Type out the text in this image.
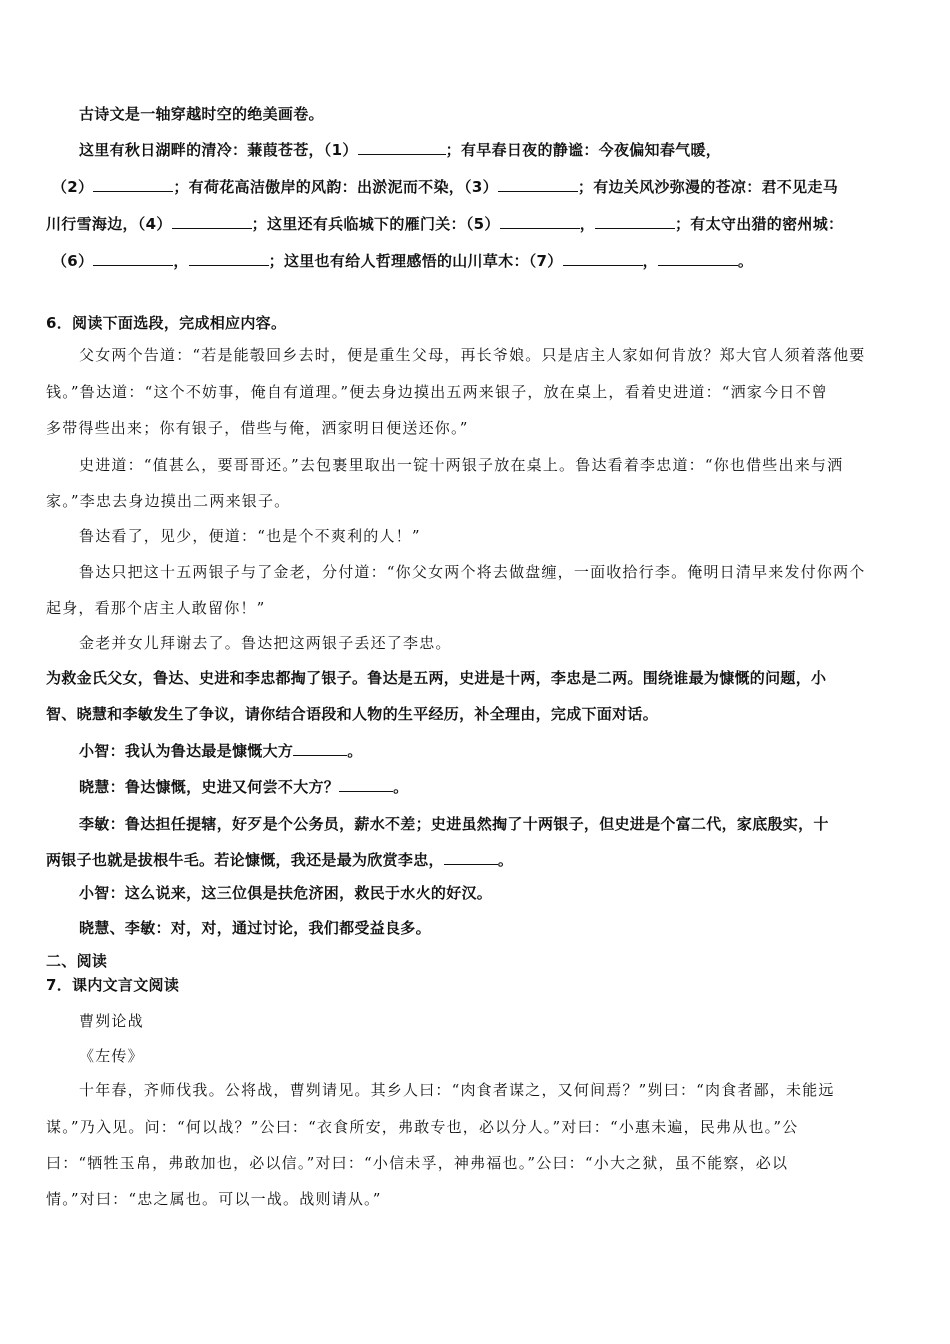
古诗文是一轴穿越时空的绝美画卷。

这里有秋日湖畔的清冷：蒹葭苍苍，（1）	；有早春日夜的静谧：今夜偏知春气暖，

（2）	；有荷花高洁傲岸的风韵：出淤泥而不染，（3）	；有边关风沙弥漫的苍凉：君不见走马

川行雪海边，（4）	；这里还有兵临城下的雁门关：（5）	，	；有太守出猎的密州城：

（6）	，	；这里也有给人哲理感悟的山川草木：（7）	，	。

6．阅读下面选段，完成相应内容。

父女两个告道：“若是能彀回乡去时，便是重生父母，再长爷娘。只是店主人家如何肯放？郑大官人须着落他要

钱。”鲁达道：“这个不妨事，俺自有道理。”便去身边摸出五两来银子，放在桌上，看着史进道：“洒家今日不曾

多带得些出来；你有银子，借些与俺，洒家明日便送还你。”

史进道：“值甚么，要哥哥还。”去包裹里取出一锭十两银子放在桌上。鲁达看着李忠道：“你也借些出来与洒

家。”李忠去身边摸出二两来银子。

鲁达看了，见少，便道：“也是个不爽利的人！”

鲁达只把这十五两银子与了金老，分付道：“你父女两个将去做盘缠，一面收拾行李。俺明日清早来发付你两个

起身，看那个店主人敢留你！”

金老并女儿拜谢去了。鲁达把这两银子丢还了李忠。

为救金氏父女，鲁达、史进和李忠都掏了银子。鲁达是五两，史进是十两，李忠是二两。围绕谁最为慷慨的问题，小

智、晓慧和李敏发生了争议，请你结合语段和人物的生平经历，补全理由，完成下面对话。

小智：我认为鲁达最是慷慨大方	。

晓慧：鲁达慷慨，史进又何尝不大方？	。

李敏：鲁达担任提辖，好歹是个公务员，薪水不差；史进虽然掏了十两银子，但史进是个富二代，家底殷实，十

两银子也就是拔根牛毛。若论慷慨，我还是最为欣赏李忠，	。

小智：这么说来，这三位俱是扶危济困，救民于水火的好汉。

晓慧、李敏：对，对，通过讨论，我们都受益良多。

二、阅读

7．课内文言文阅读

曹刿论战

《左传》

十年春，齐师伐我。公将战，曹刿请见。其乡人曰：“肉食者谋之，又何间焉？”刿曰：“肉食者鄙，未能远

谋。”乃入见。问：“何以战？”公曰：“衣食所安，弗敢专也，必以分人。”对曰：“小惠未遍，民弗从也。”公

曰：“牺牲玉帛，弗敢加也，必以信。”对曰：“小信未孚，神弗福也。”公曰：“小大之狱，虽不能察，必以

情。”对曰：“忠之属也。可以一战。战则请从。”
